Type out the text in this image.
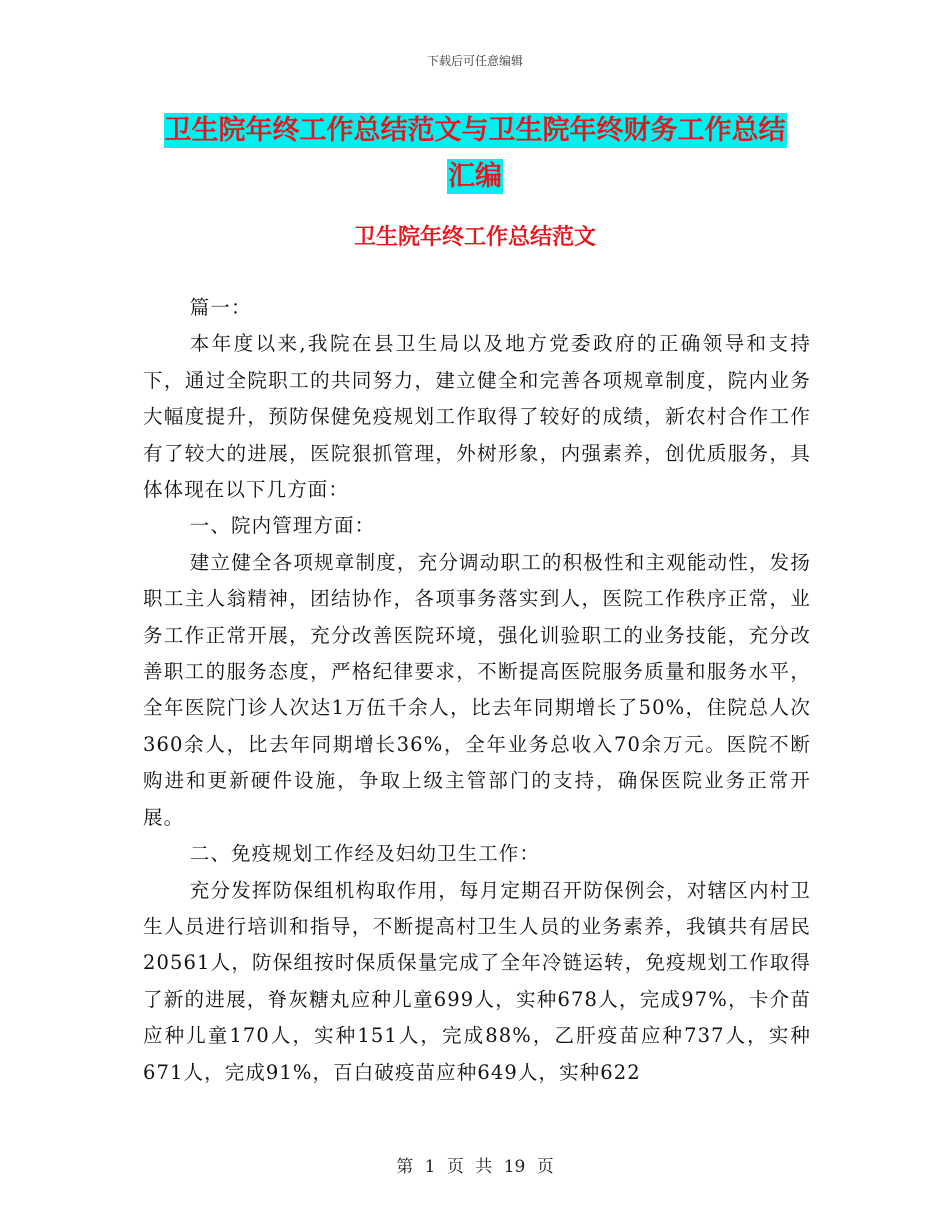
下载后可任意编辑
卫生院年终工作总结范文与卫生院年终财务工作总结
汇编
卫生院年终工作总结范文

篇一：

本年度以来,我院在县卫生局以及地方党委政府的正确领导和支持下，通过全院职工的共同努力，建立健全和完善各项规章制度，院内业务大幅度提升，预防保健免疫规划工作取得了较好的成绩，新农村合作工作有了较大的进展，医院狠抓管理，外树形象，内强素养，创优质服务，具体体现在以下几方面：

一、院内管理方面：

建立健全各项规章制度，充分调动职工的积极性和主观能动性，发扬职工主人翁精神，团结协作，各项事务落实到人，医院工作秩序正常，业务工作正常开展，充分改善医院环境，强化训验职工的业务技能，充分改善职工的服务态度，严格纪律要求，不断提高医院服务质量和服务水平，全年医院门诊人次达1万伍千余人，比去年同期增长了50%，住院总人次360余人，比去年同期增长36%，全年业务总收入70余万元。医院不断购进和更新硬件设施，争取上级主管部门的支持，确保医院业务正常开展。

二、免疫规划工作经及妇幼卫生工作：

充分发挥防保组机构取作用，每月定期召开防保例会，对辖区内村卫生人员进行培训和指导，不断提高村卫生人员的业务素养，我镇共有居民20561人，防保组按时保质保量完成了全年冷链运转，免疫规划工作取得了新的进展，脊灰糖丸应种儿童699人，实种678人，完成97%，卡介苗应种儿童170人，实种151人，完成88%，乙肝疫苗应种737人，实种671人，完成91%，百白破疫苗应种649人，实种622

第 1 页 共 19 页
